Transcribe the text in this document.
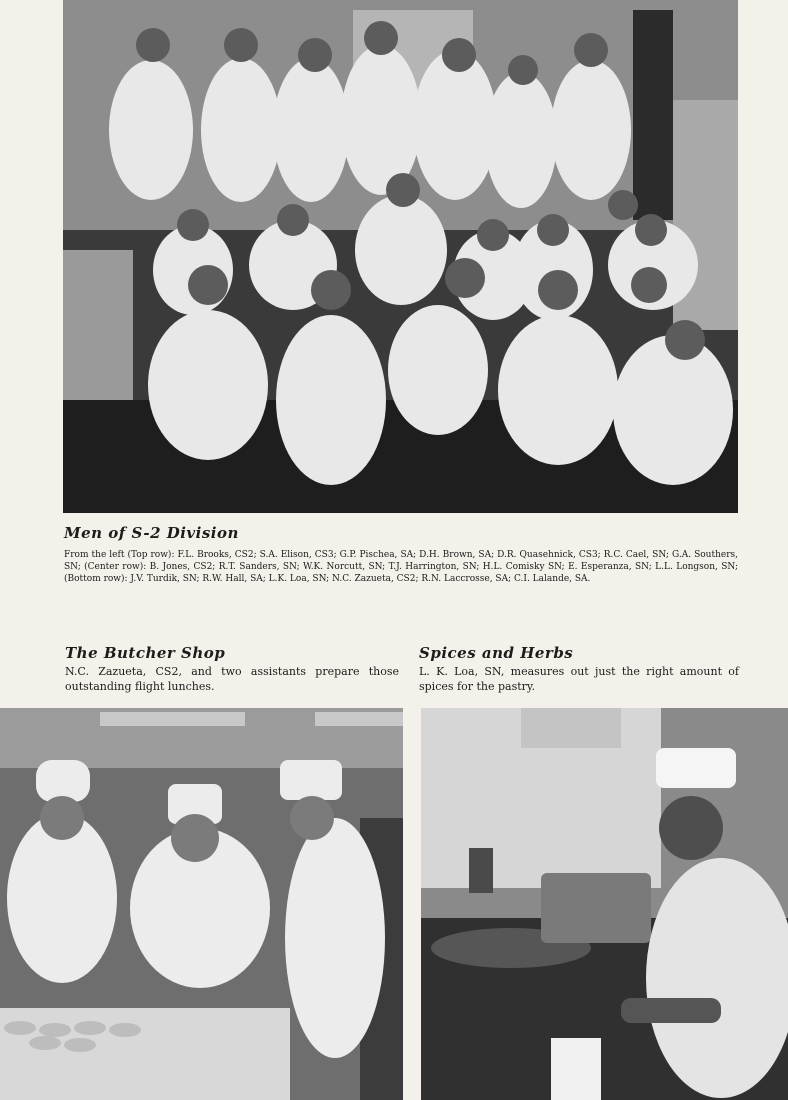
Men of S-2 Division

From the left (Top row): F.L. Brooks, CS2; S.A. Elison, CS3; G.P. Pischea, SA; D.H. Brown, SA; D.R. Quasehnick, CS3; R.C. Cael, SN; G.A. Southers, SN; (Center row): B. Jones, CS2; R.T. Sanders, SN; W.K. Norcutt, SN; T.J. Harrington, SN; H.L. Comisky SN; E. Esperanza, SN; L.L. Longson, SN; (Bottom row): J.V. Turdik, SN; R.W. Hall, SA; L.K. Loa, SN; N.C. Zazueta, CS2; R.N. Laccrosse, SA; C.I. Lalande, SA.

The Butcher Shop

N.C. Zazueta, CS2, and two assistants prepare those outstanding flight lunches.

Spices and Herbs

L. K. Loa, SN, measures out just the right amount of spices for the pastry.
